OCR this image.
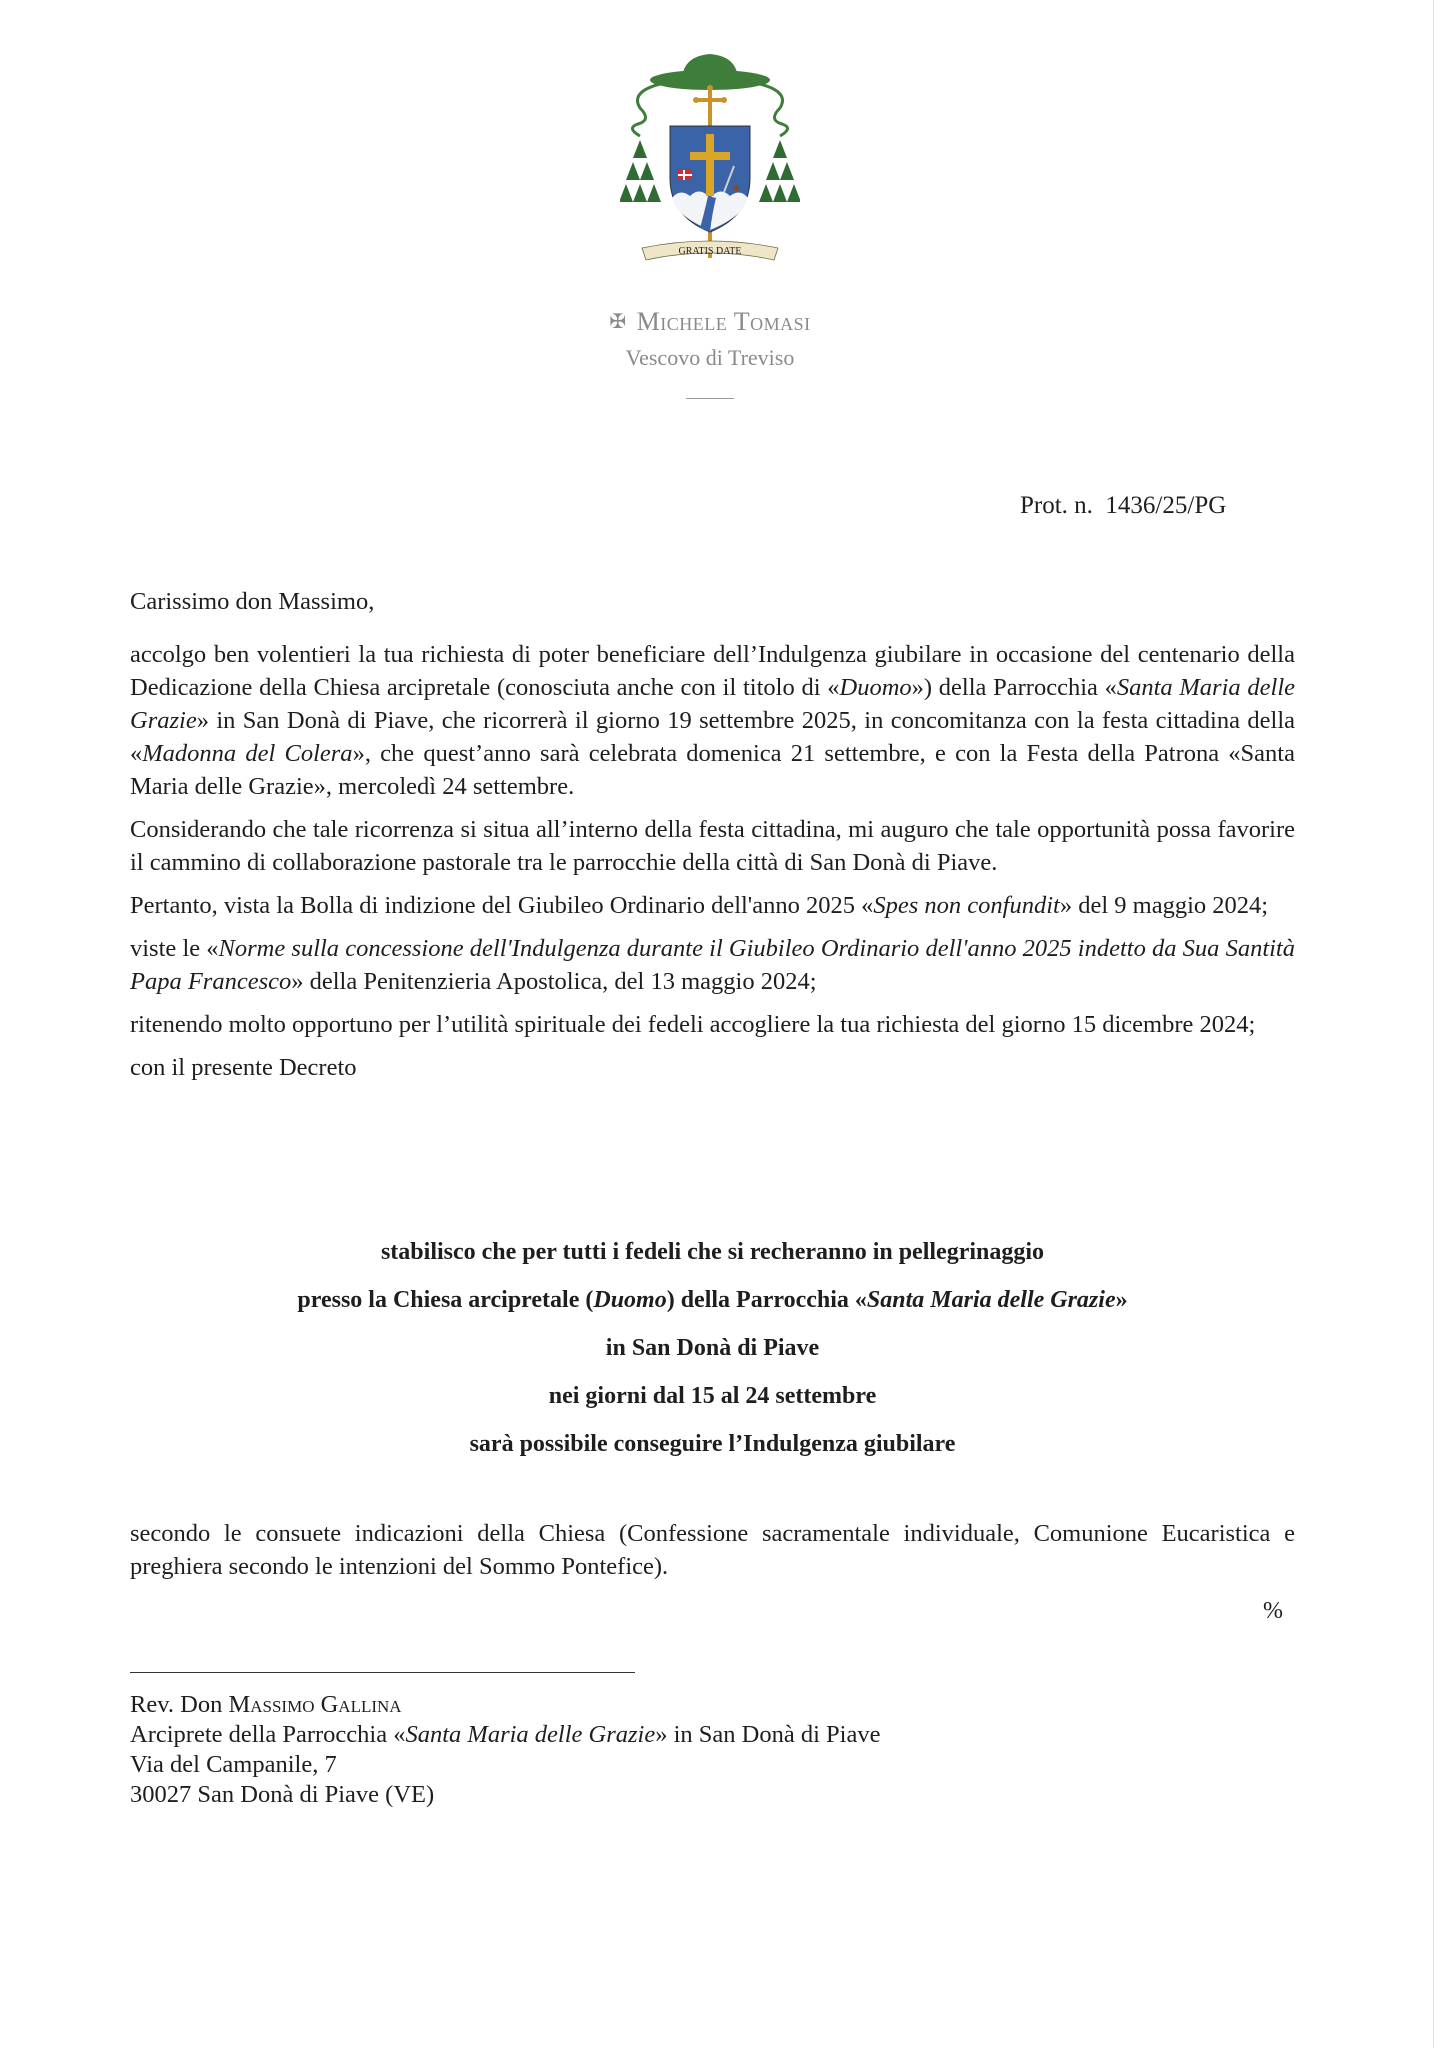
GRATIS DATE
✠ Michele Tomasi
Vescovo di Treviso
Prot. n.  1436/25/PG

Carissimo don Massimo,

accolgo ben volentieri la tua richiesta di poter beneficiare dell’Indulgenza giubilare in occasione del centenario della Dedicazione della Chiesa arcipretale (conosciuta anche con il titolo di «Duomo») della Parrocchia «Santa Maria delle Grazie» in San Donà di Piave, che ricorrerà il giorno 19 settembre 2025, in concomitanza con la festa cittadina della «Madonna del Colera», che quest’anno sarà celebrata domenica 21 settembre, e con la Festa della Patrona «Santa Maria delle Grazie», mercoledì 24 settembre.

Considerando che tale ricorrenza si situa all’interno della festa cittadina, mi auguro che tale opportunità possa favorire il cammino di collaborazione pastorale tra le parrocchie della città di San Donà di Piave.

Pertanto, vista la Bolla di indizione del Giubileo Ordinario dell'anno 2025 «Spes non confundit» del 9 maggio 2024;

viste le «Norme sulla concessione dell'Indulgenza durante il Giubileo Ordinario dell'anno 2025 indetto da Sua Santità Papa Francesco» della Penitenzieria Apostolica, del 13 maggio 2024;

ritenendo molto opportuno per l’utilità spirituale dei fedeli accogliere la tua richiesta del giorno 15 dicembre 2024;

con il presente Decreto

stabilisco che per tutti i fedeli che si recheranno in pellegrinaggio
presso la Chiesa arcipretale (Duomo) della Parrocchia «Santa Maria delle Grazie»
in San Donà di Piave
nei giorni dal 15 al 24 settembre
sarà possibile conseguire l’Indulgenza giubilare
secondo le consuete indicazioni della Chiesa (Confessione sacramentale individuale, Comunione Eucaristica e preghiera secondo le intenzioni del Sommo Pontefice).
%
Rev. Don Massimo Gallina
Arciprete della Parrocchia «Santa Maria delle Grazie» in San Donà di Piave
Via del Campanile, 7
30027 San Donà di Piave (VE)
